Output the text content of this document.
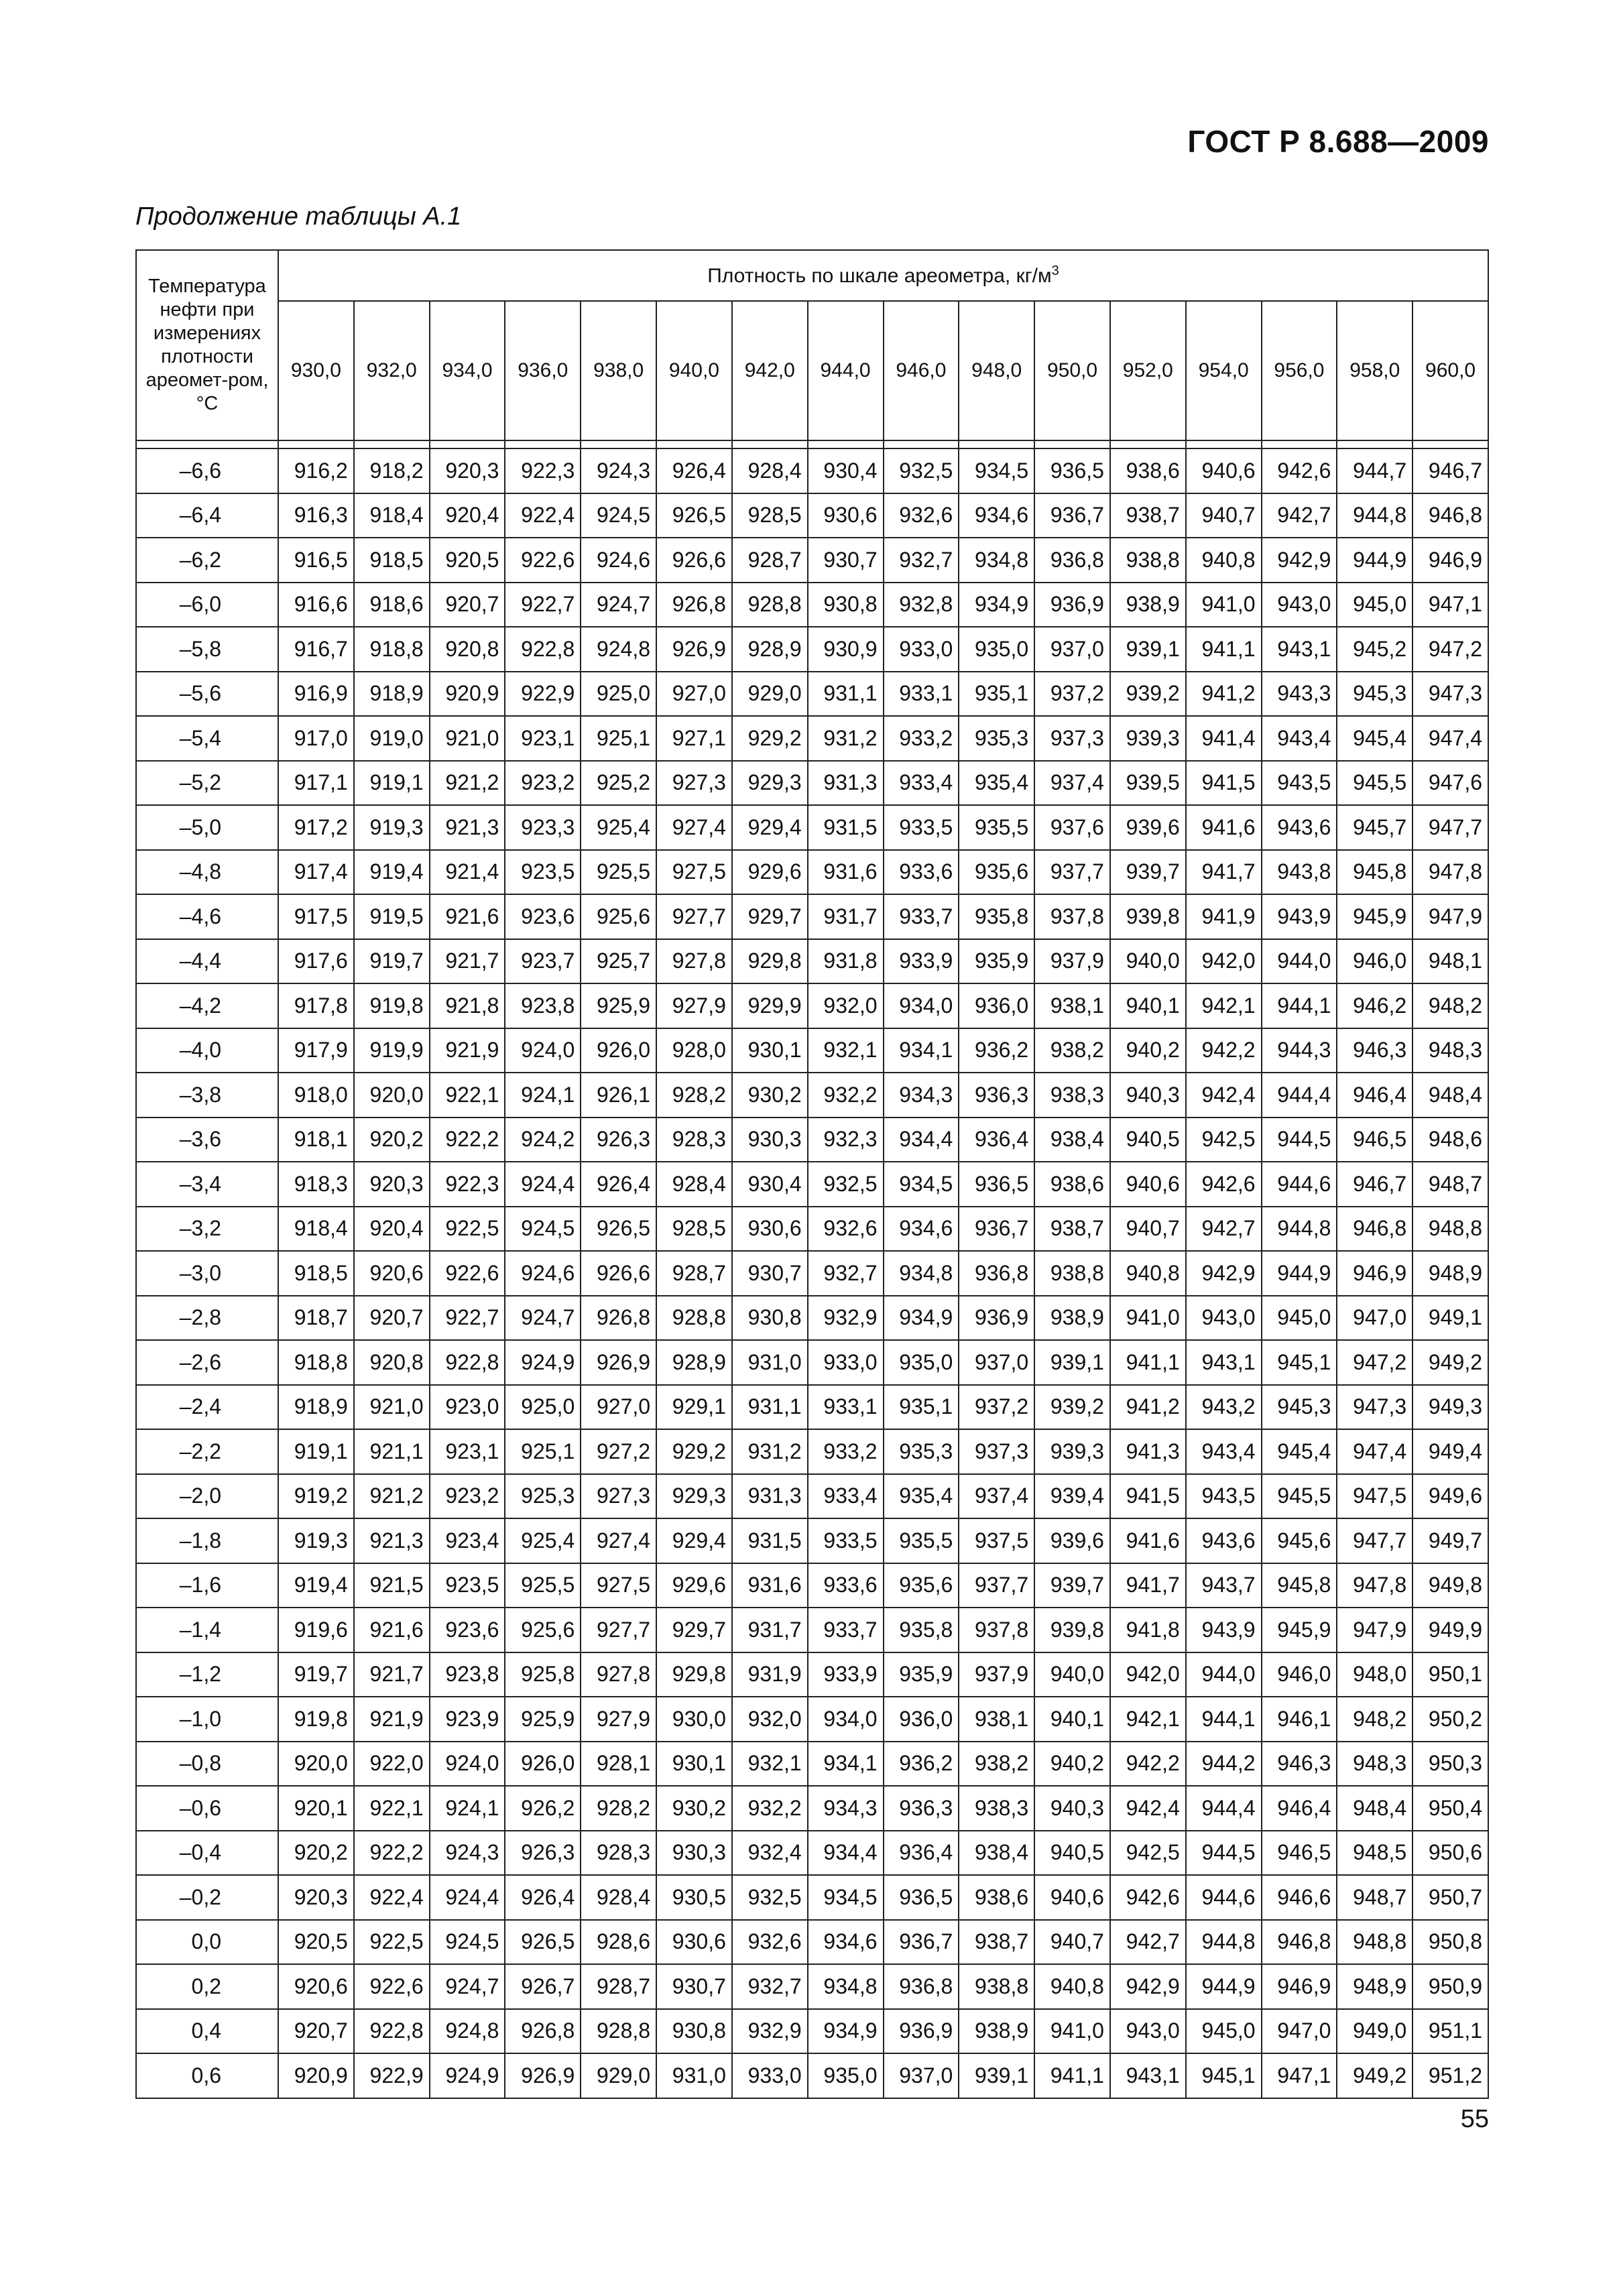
ГОСТ Р 8.688—2009
Продолжение таблицы А.1
Температура нефти при измерениях плотности ареомет-ром, °C	Плотность по шкале ареометра, $кг/м^3$
	930,0	932,0	934,0	936,0	938,0	940,0	942,0	944,0	946,0	948,0	950,0	952,0	954,0	956,0	958,0	960,0

–6,6	916,2	918,2	920,3	922,3	924,3	926,4	928,4	930,4	932,5	934,5	936,5	938,6	940,6	942,6	944,7	946,7
–6,4	916,3	918,4	920,4	922,4	924,5	926,5	928,5	930,6	932,6	934,6	936,7	938,7	940,7	942,7	944,8	946,8
–6,2	916,5	918,5	920,5	922,6	924,6	926,6	928,7	930,7	932,7	934,8	936,8	938,8	940,8	942,9	944,9	946,9
–6,0	916,6	918,6	920,7	922,7	924,7	926,8	928,8	930,8	932,8	934,9	936,9	938,9	941,0	943,0	945,0	947,1
–5,8	916,7	918,8	920,8	922,8	924,8	926,9	928,9	930,9	933,0	935,0	937,0	939,1	941,1	943,1	945,2	947,2
–5,6	916,9	918,9	920,9	922,9	925,0	927,0	929,0	931,1	933,1	935,1	937,2	939,2	941,2	943,3	945,3	947,3
–5,4	917,0	919,0	921,0	923,1	925,1	927,1	929,2	931,2	933,2	935,3	937,3	939,3	941,4	943,4	945,4	947,4
–5,2	917,1	919,1	921,2	923,2	925,2	927,3	929,3	931,3	933,4	935,4	937,4	939,5	941,5	943,5	945,5	947,6
–5,0	917,2	919,3	921,3	923,3	925,4	927,4	929,4	931,5	933,5	935,5	937,6	939,6	941,6	943,6	945,7	947,7
–4,8	917,4	919,4	921,4	923,5	925,5	927,5	929,6	931,6	933,6	935,6	937,7	939,7	941,7	943,8	945,8	947,8
–4,6	917,5	919,5	921,6	923,6	925,6	927,7	929,7	931,7	933,7	935,8	937,8	939,8	941,9	943,9	945,9	947,9
–4,4	917,6	919,7	921,7	923,7	925,7	927,8	929,8	931,8	933,9	935,9	937,9	940,0	942,0	944,0	946,0	948,1
–4,2	917,8	919,8	921,8	923,8	925,9	927,9	929,9	932,0	934,0	936,0	938,1	940,1	942,1	944,1	946,2	948,2
–4,0	917,9	919,9	921,9	924,0	926,0	928,0	930,1	932,1	934,1	936,2	938,2	940,2	942,2	944,3	946,3	948,3
–3,8	918,0	920,0	922,1	924,1	926,1	928,2	930,2	932,2	934,3	936,3	938,3	940,3	942,4	944,4	946,4	948,4
–3,6	918,1	920,2	922,2	924,2	926,3	928,3	930,3	932,3	934,4	936,4	938,4	940,5	942,5	944,5	946,5	948,6
–3,4	918,3	920,3	922,3	924,4	926,4	928,4	930,4	932,5	934,5	936,5	938,6	940,6	942,6	944,6	946,7	948,7
–3,2	918,4	920,4	922,5	924,5	926,5	928,5	930,6	932,6	934,6	936,7	938,7	940,7	942,7	944,8	946,8	948,8
–3,0	918,5	920,6	922,6	924,6	926,6	928,7	930,7	932,7	934,8	936,8	938,8	940,8	942,9	944,9	946,9	948,9
–2,8	918,7	920,7	922,7	924,7	926,8	928,8	930,8	932,9	934,9	936,9	938,9	941,0	943,0	945,0	947,0	949,1
–2,6	918,8	920,8	922,8	924,9	926,9	928,9	931,0	933,0	935,0	937,0	939,1	941,1	943,1	945,1	947,2	949,2
–2,4	918,9	921,0	923,0	925,0	927,0	929,1	931,1	933,1	935,1	937,2	939,2	941,2	943,2	945,3	947,3	949,3
–2,2	919,1	921,1	923,1	925,1	927,2	929,2	931,2	933,2	935,3	937,3	939,3	941,3	943,4	945,4	947,4	949,4
–2,0	919,2	921,2	923,2	925,3	927,3	929,3	931,3	933,4	935,4	937,4	939,4	941,5	943,5	945,5	947,5	949,6
–1,8	919,3	921,3	923,4	925,4	927,4	929,4	931,5	933,5	935,5	937,5	939,6	941,6	943,6	945,6	947,7	949,7
–1,6	919,4	921,5	923,5	925,5	927,5	929,6	931,6	933,6	935,6	937,7	939,7	941,7	943,7	945,8	947,8	949,8
–1,4	919,6	921,6	923,6	925,6	927,7	929,7	931,7	933,7	935,8	937,8	939,8	941,8	943,9	945,9	947,9	949,9
–1,2	919,7	921,7	923,8	925,8	927,8	929,8	931,9	933,9	935,9	937,9	940,0	942,0	944,0	946,0	948,0	950,1
–1,0	919,8	921,9	923,9	925,9	927,9	930,0	932,0	934,0	936,0	938,1	940,1	942,1	944,1	946,1	948,2	950,2
–0,8	920,0	922,0	924,0	926,0	928,1	930,1	932,1	934,1	936,2	938,2	940,2	942,2	944,2	946,3	948,3	950,3
–0,6	920,1	922,1	924,1	926,2	928,2	930,2	932,2	934,3	936,3	938,3	940,3	942,4	944,4	946,4	948,4	950,4
–0,4	920,2	922,2	924,3	926,3	928,3	930,3	932,4	934,4	936,4	938,4	940,5	942,5	944,5	946,5	948,5	950,6
–0,2	920,3	922,4	924,4	926,4	928,4	930,5	932,5	934,5	936,5	938,6	940,6	942,6	944,6	946,6	948,7	950,7
0,0	920,5	922,5	924,5	926,5	928,6	930,6	932,6	934,6	936,7	938,7	940,7	942,7	944,8	946,8	948,8	950,8
0,2	920,6	922,6	924,7	926,7	928,7	930,7	932,7	934,8	936,8	938,8	940,8	942,9	944,9	946,9	948,9	950,9
0,4	920,7	922,8	924,8	926,8	928,8	930,8	932,9	934,9	936,9	938,9	941,0	943,0	945,0	947,0	949,0	951,1
0,6	920,9	922,9	924,9	926,9	929,0	931,0	933,0	935,0	937,0	939,1	941,1	943,1	945,1	947,1	949,2	951,2
55
